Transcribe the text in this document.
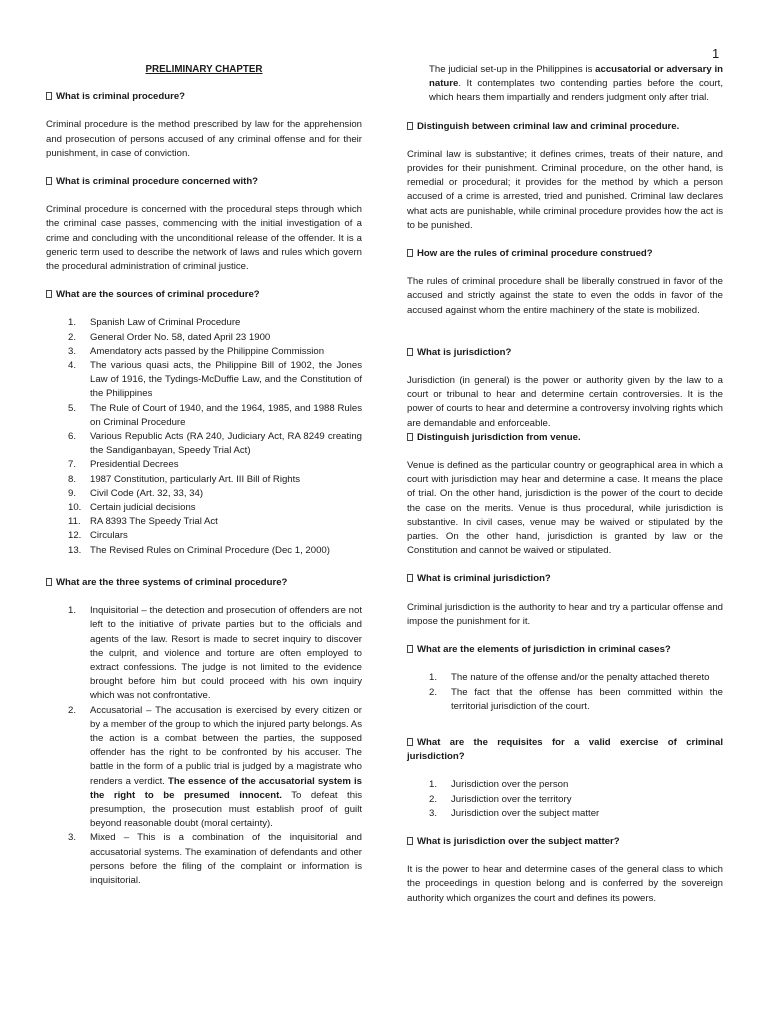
1
PRELIMINARY CHAPTER
What is criminal procedure?
Criminal procedure is the method prescribed by law for the apprehension and prosecution of persons accused of any criminal offense and for their punishment, in case of conviction.
What is criminal procedure concerned with?
Criminal procedure is concerned with the procedural steps through which the criminal case passes, commencing with the initial investigation of a crime and concluding with the unconditional release of the offender. It is a generic term used to describe the network of laws and rules which govern the procedural administration of criminal justice.
What are the sources of criminal procedure?
1.	Spanish Law of Criminal Procedure
2.	General Order No. 58, dated April 23 1900
3.	Amendatory acts passed by the Philippine Commission
4.	The various quasi acts, the Philippine Bill of 1902, the Jones Law of 1916, the Tydings-McDuffie Law, and the Constitution of the Philippines
5.	The Rule of Court of 1940, and the 1964, 1985, and 1988 Rules on Criminal Procedure
6.	Various Republic Acts (RA 240, Judiciary Act, RA 8249 creating the Sandiganbayan, Speedy Trial Act)
7.	Presidential Decrees
8.	1987 Constitution, particularly Art. III Bill of Rights
9.	Civil Code (Art. 32, 33, 34)
10. Certain judicial decisions
11. RA 8393 The Speedy Trial Act
12. Circulars
13. The Revised Rules on Criminal Procedure (Dec 1, 2000)
What are the three systems of criminal procedure?
1.	Inquisitorial – the detection and prosecution of offenders are not left to the initiative of private parties but to the officials and agents of the law. Resort is made to secret inquiry to discover the culprit, and violence and torture are often employed to extract confessions. The judge is not limited to the evidence brought before him but could proceed with his own inquiry which was not confrontative.
2.	Accusatorial – The accusation is exercised by every citizen or by a member of the group to which the injured party belongs. As the action is a combat between the parties, the supposed offender has the right to be confronted by his accuser. The battle in the form of a public trial is judged by a magistrate who renders a verdict. The essence of the accusatorial system is the right to be presumed innocent. To defeat this presumption, the prosecution must establish proof of guilt beyond reasonable doubt (moral certainty).
3.	Mixed – This is a combination of the inquisitorial and accusatorial systems. The examination of defendants and other persons before the filing of the complaint or information is inquisitorial.
The judicial set-up in the Philippines is accusatorial or adversary in nature. It contemplates two contending parties before the court, which hears them impartially and renders judgment only after trial.
Distinguish between criminal law and criminal procedure.
Criminal law is substantive; it defines crimes, treats of their nature, and provides for their punishment. Criminal procedure, on the other hand, is remedial or procedural; it provides for the method by which a person accused of a crime is arrested, tried and punished. Criminal law declares what acts are punishable, while criminal procedure provides how the act is to be punished.
How are the rules of criminal procedure construed?
The rules of criminal procedure shall be liberally construed in favor of the accused and strictly against the state to even the odds in favor of the accused against whom the entire machinery of the state is mobilized.
What is jurisdiction?
Jurisdiction (in general) is the power or authority given by the law to a court or tribunal to hear and determine certain controversies. It is the power of courts to hear and determine a controversy involving rights which are demandable and enforceable.
Distinguish jurisdiction from venue.
Venue is defined as the particular country or geographical area in which a court with jurisdiction may hear and determine a case. It means the place of trial. On the other hand, jurisdiction is the power of the court to decide the case on the merits. Venue is thus procedural, while jurisdiction is substantive. In civil cases, venue may be waived or stipulated by the parties. On the other hand, jurisdiction is granted by law or the Constitution and cannot be waived or stipulated.
What is criminal jurisdiction?
Criminal jurisdiction is the authority to hear and try a particular offense and impose the punishment for it.
What are the elements of jurisdiction in criminal cases?
1.	The nature of the offense and/or the penalty attached thereto
2.	The fact that the offense has been committed within the territorial jurisdiction of the court.
What are the requisites for a valid exercise of criminal jurisdiction?
1.	Jurisdiction over the person
2.	Jurisdiction over the territory
3.	Jurisdiction over the subject matter
What is jurisdiction over the subject matter?
It is the power to hear and determine cases of the general class to which the proceedings in question belong and is conferred by the sovereign authority which organizes the court and defines its powers.
